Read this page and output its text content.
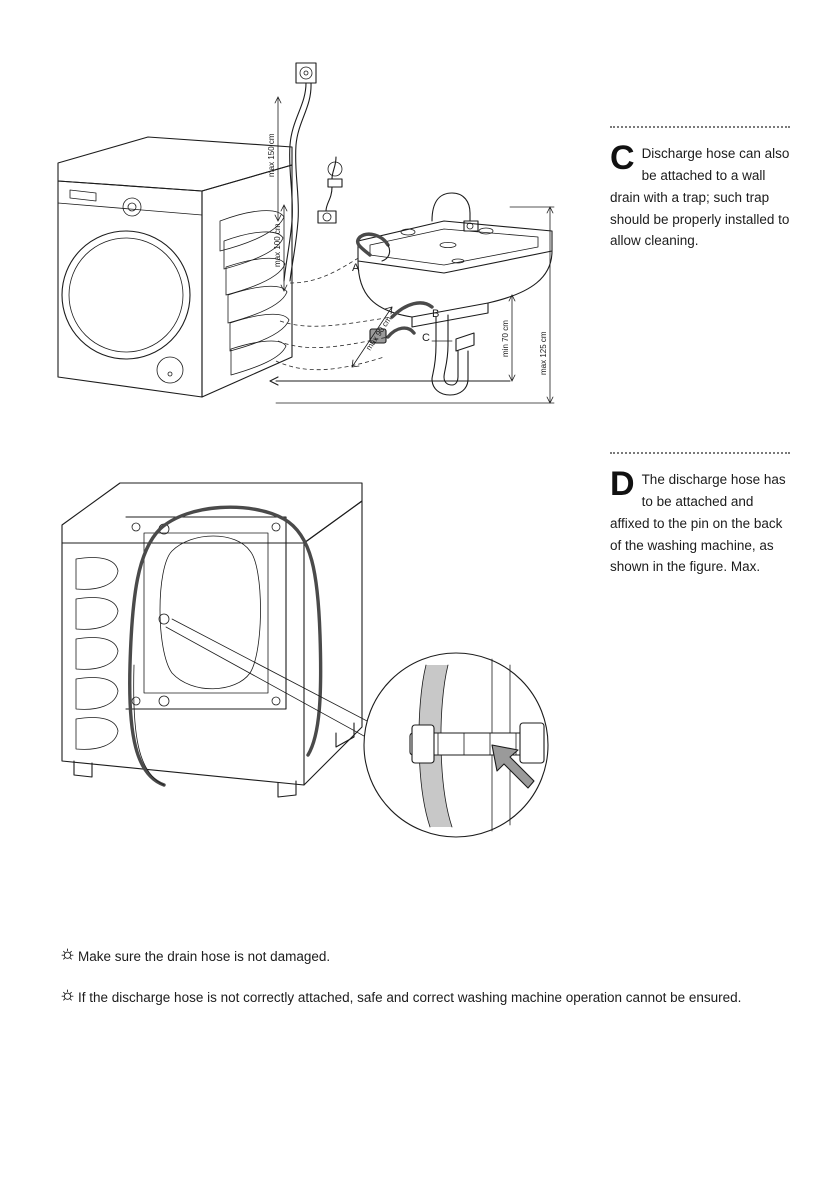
A
B
C
max 150 cm
max 100 cm
max 90 cm	min 70 cm	max 125 cm
C Discharge hose can also be attached to a wall drain with a trap; such trap should be properly installed to allow cleaning.
D The discharge hose has to be attached and affixed to the pin on the back of the washing machine, as shown in the figure. Max.
Make sure the drain hose is not damaged.
If the discharge hose is not correctly attached, safe and correct washing machine operation cannot be ensured.
